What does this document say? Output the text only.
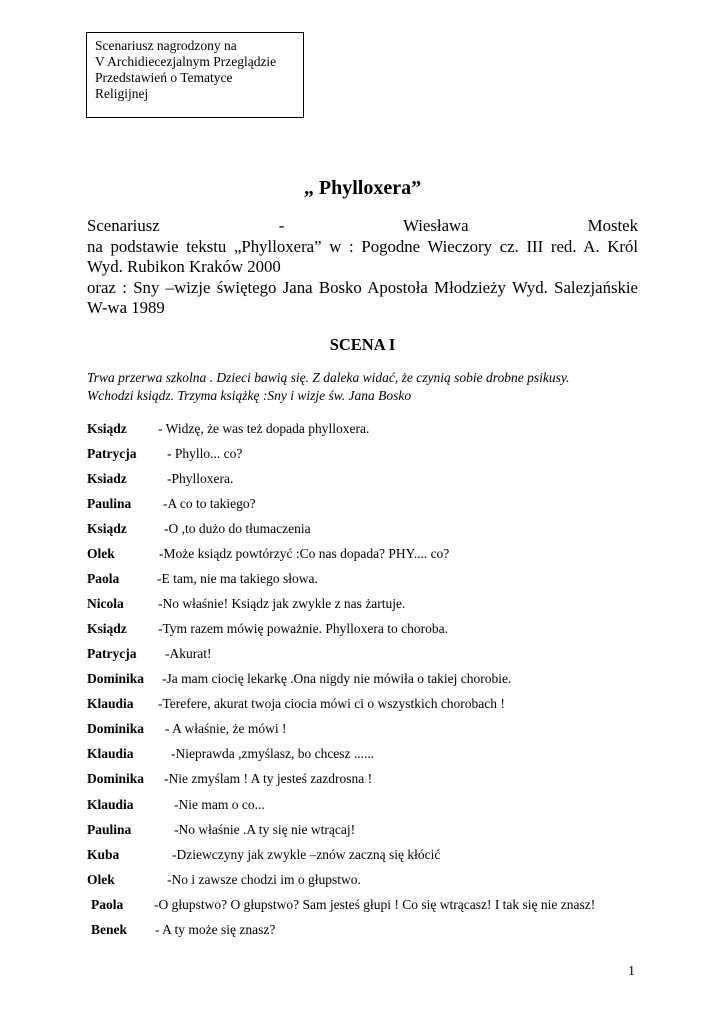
Scenariusz nagrodzony na
V Archidiecezjalnym Przeglądzie
Przedstawień o Tematyce
Religijnej
„ Phylloxera”
Scenariusz - Wiesława Mostek
na podstawie tekstu „Phylloxera” w : Pogodne Wieczory cz. III red. A. Król
Wyd. Rubikon Kraków 2000
oraz : Sny –wizje świętego Jana Bosko Apostoła Młodzieży Wyd. Salezjańskie
W-wa 1989
SCENA I
Trwa przerwa szkolna . Dzieci bawią się. Z daleka widać, że czynią sobie drobne psikusy.
Wchodzi ksiądz. Trzyma książkę :Sny i wizje św. Jana Bosko
Ksiądz - Widzę, że was też dopada phylloxera.
Patrycja - Phyllo... co?
Ksiadz	-Phylloxera.
Paulina -A co to takiego?
Ksiądz	-O ,to dużo do tłumaczenia
Olek	-Może ksiądz powtórzyć :Co nas dopada? PHY.... co?
Paola	-E tam, nie ma takiego słowa.
Nicola	-No właśnie! Ksiądz jak zwykle z nas żartuje.
Ksiądz -Tym razem mówię poważnie. Phylloxera to choroba.
Patrycja -Akurat!
Dominika -Ja mam ciocię lekarkę .Ona nigdy nie mówiła o takiej chorobie.
Klaudia -Terefere, akurat twoja ciocia mówi ci o wszystkich chorobach !
Dominika - A właśnie, że mówi !
Klaudia	-Nieprawda ,zmyślasz, bo chcesz ......
Dominika -Nie zmyślam ! A ty jesteś zazdrosna !
Klaudia	-Nie mam o co...
Paulina	-No właśnie .A ty się nie wtrącaj!
Kuba	-Dziewczyny jak zwykle –znów zaczną się kłócić
Olek	-No i zawsze chodzi im o głupstwo.
Paola -O głupstwo? O głupstwo? Sam jesteś głupi ! Co się wtrącasz! I tak się nie znasz!
Benek - A ty może się znasz?
1
